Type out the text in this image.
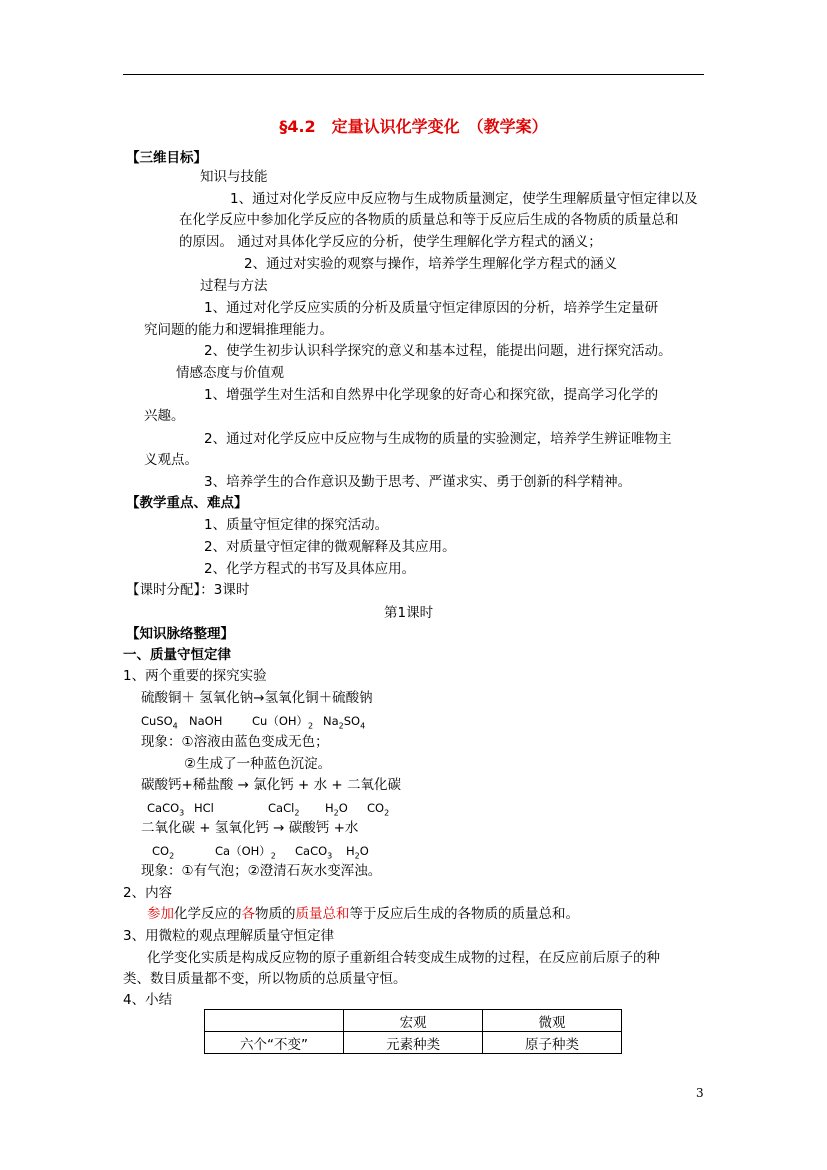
§4.2　定量认识化学变化　（教学案）
【三维目标】
知识与技能
1、通过对化学反应中反应物与生成物质量测定，使学生理解质量守恒定律以及
在化学反应中参加化学反应的各物质的质量总和等于反应后生成的各物质的质量总和
的原因。 通过对具体化学反应的分析，使学生理解化学方程式的涵义；
2、通过对实验的观察与操作，培养学生理解化学方程式的涵义
过程与方法
1、通过对化学反应实质的分析及质量守恒定律原因的分析，培养学生定量研
究问题的能力和逻辑推理能力。
2、使学生初步认识科学探究的意义和基本过程，能提出问题，进行探究活动。
情感态度与价值观
1、增强学生对生活和自然界中化学现象的好奇心和探究欲，提高学习化学的
兴趣。
2、通过对化学反应中反应物与生成物的质量的实验测定，培养学生辨证唯物主
义观点。
3、培养学生的合作意识及勤于思考、严谨求实、勇于创新的科学精神。
【教学重点、难点】
1、质量守恒定律的探究活动。
2、对质量守恒定律的微观解释及其应用。
2、化学方程式的书写及具体应用。
【课时分配】：3课时
第1课时
【知识脉络整理】
一、质量守恒定律
1、两个重要的探究实验
硫酸铜＋ 氢氧化钠→氢氧化铜＋硫酸钠
CuSO$_4$ NaOH	$Cu(OH)_2$ $Na_2SO_4$
现象：①溶液由蓝色变成无色；
②生成了一种蓝色沉淀。
碳酸钙+稀盐酸 → 氯化钙 + 水 + 二氧化碳
CaCO$_3$ HCl	CaCl$_2$ $H_2O$ $CO_2$
二氧化碳 + 氢氧化钙 → 碳酸钙 +水
$CO_2$	$Ca(OH)_2$ CaCO$_3$ $H_2O$
现象：①有气泡；②澄清石灰水变浑浊。
2、内容
参加化学反应的各物质的质量总和等于反应后生成的各物质的质量总和。
3、用微粒的观点理解质量守恒定律
化学变化实质是构成反应物的原子重新组合转变成生成物的过程，在反应前后原子的种
类、数目质量都不变，所以物质的总质量守恒。
4、小结
	宏观	微观
六个“不变”	元素种类	原子种类
3
